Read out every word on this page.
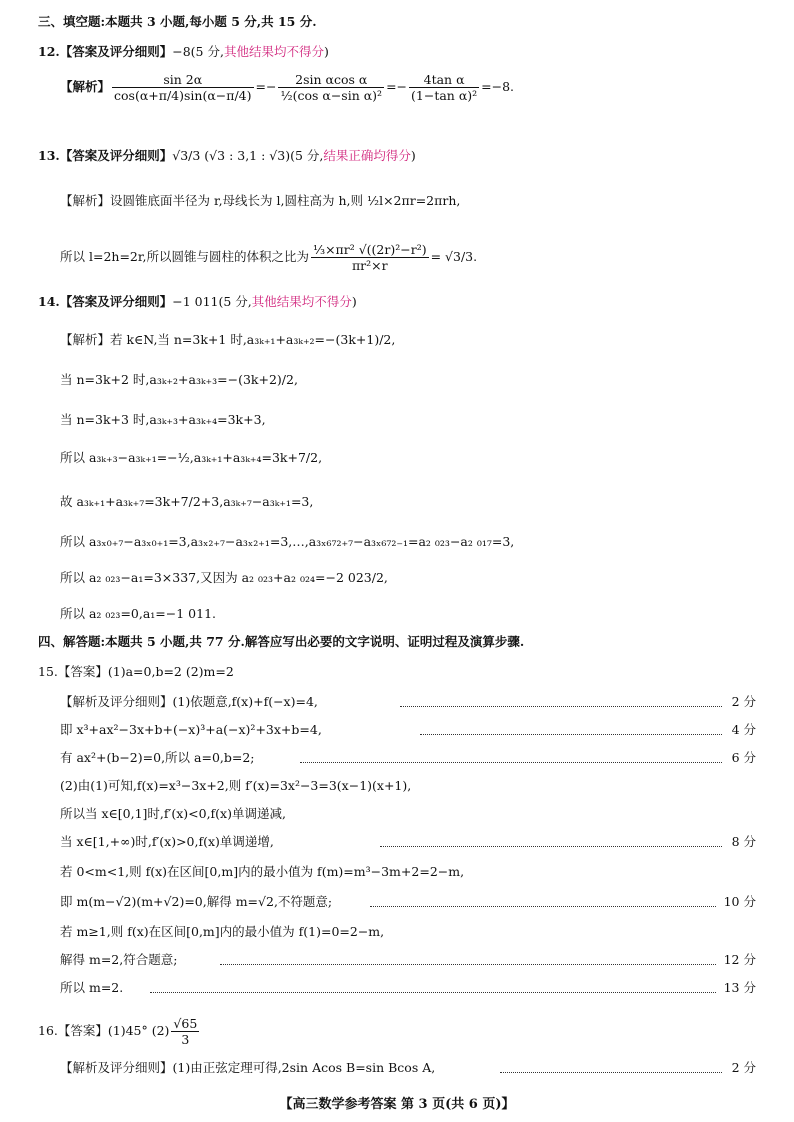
三、填空题:本题共 3 小题,每小题 5 分,共 15 分.
12.【答案及评分细则】−8(5 分,其他结果均不得分)
【解析】 $\frac{\sin 2\alpha}{\cos(\alpha+\pi/4)\sin(\alpha-\pi/4)} =- \frac{\text{2sin αcos α}}{\text{½(cos α−sin α)²}} =- \frac{\text{4tan α}}{\text{(1−tan α)²}} =-8$.
13.【答案及评分细则】√3/3 (√3 : 3,1 : √3)(5 分,结果正确均得分)
【解析】设圆锥底面半径为 r,母线长为 l,圆柱高为 h,则 ½l×2πr=2πrh,
所以 l=2h=2r,所以圆锥与圆柱的体积之比为 $\frac{\text{⅓×πr² √((2r)²−r²)}}{\text{πr²×r}} = √3/3$.
14.【答案及评分细则】−1 011(5 分,其他结果均不得分)
【解析】若 k∈N,当 n=3k+1 时,a₃ₖ₊₁+a₃ₖ₊₂=−(3k+1)/2,
当 n=3k+2 时,a₃ₖ₊₂+a₃ₖ₊₃=−(3k+2)/2,
当 n=3k+3 时,a₃ₖ₊₃+a₃ₖ₊₄=3k+3,
所以 a₃ₖ₊₃−a₃ₖ₊₁=−½,a₃ₖ₊₁+a₃ₖ₊₄=3k+7/2,
故 a₃ₖ₊₁+a₃ₖ₊₇=3k+7/2+3,a₃ₖ₊₇−a₃ₖ₊₁=3,
所以 a₃ₓ₀₊₇−a₃ₓ₀₊₁=3,a₃ₓ₂₊₇−a₃ₓ₂₊₁=3,…,a₃ₓ₆₇₂₊₇−a₃ₓ₆₇₂₋₁=a₂ ₀₂₃−a₂ ₀₁₇=3,
所以 a₂ ₀₂₃−a₁=3×337,又因为 a₂ ₀₂₃+a₂ ₀₂₄=−2 023/2,
所以 a₂ ₀₂₃=0,a₁=−1 011.
四、解答题:本题共 5 小题,共 77 分.解答应写出必要的文字说明、证明过程及演算步骤.
15.【答案】(1)a=0,b=2 (2)m=2
【解析及评分细则】(1)依题意,f(x)+f(−x)=4,	2 分
即 x³+ax²−3x+b+(−x)³+a(−x)²+3x+b=4,	4 分
有 ax²+(b−2)=0,所以 a=0,b=2;	6 分
(2)由(1)可知,f(x)=x³−3x+2,则 f′(x)=3x²−3=3(x−1)(x+1),
所以当 x∈[0,1]时,f′(x)<0,f(x)单调递减,
当 x∈[1,+∞)时,f′(x)>0,f(x)单调递增,	8 分
若 0<m<1,则 f(x)在区间[0,m]内的最小值为 f(m)=m³−3m+2=2−m,
即 m(m−√2)(m+√2)=0,解得 m=√2,不符题意;	10 分
若 m≥1,则 f(x)在区间[0,m]内的最小值为 f(1)=0=2−m,
解得 m=2,符合题意;	12 分
所以 m=2.	13 分
16.【答案】(1)45° $(2) \frac{√65}{3}$
【解析及评分细则】(1)由正弦定理可得,2sin Acos B=sin Bcos A,	2 分
【高三数学参考答案 第 3 页(共 6 页)】
